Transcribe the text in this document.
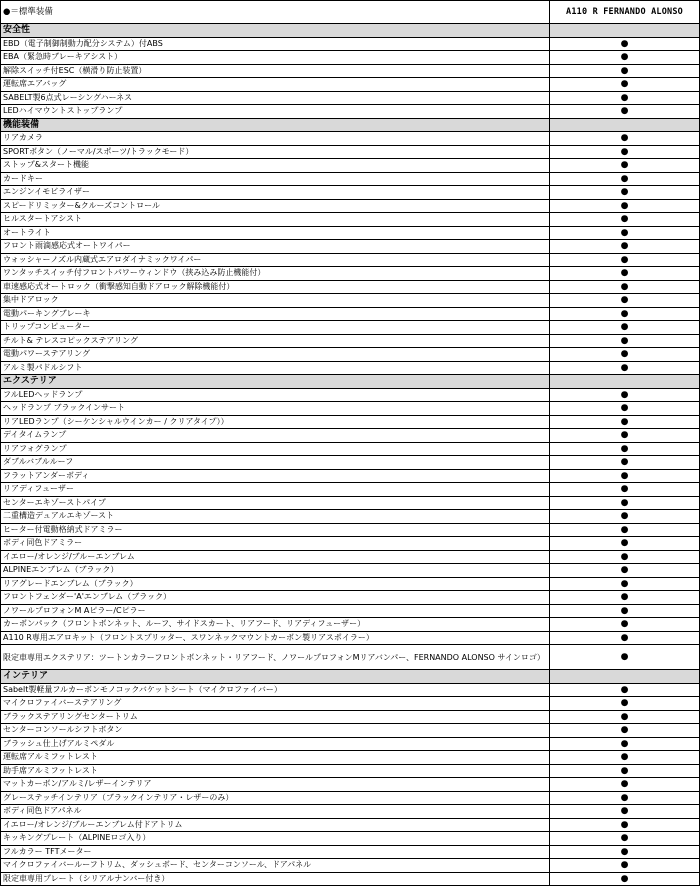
●＝標準装備	A110 R FERNANDO ALONSO
安全性	
EBD（電子制御制動力配分システム）付ABS	●
EBA（緊急時ブレーキアシスト）	●
解除スイッチ付ESC（横滑り防止装置）	●
運転席エアバッグ	●
SABELT製6点式レーシングハーネス	●
LEDハイマウントストップランプ	●
機能装備	
リアカメラ	●
SPORTボタン（ノーマル/スポーツ/トラックモード）	●
ストップ&スタート機能	●
カードキー	●
エンジンイモビライザー	●
スピードリミッター&クルーズコントロール	●
ヒルスタートアシスト	●
オートライト	●
フロント雨滴感応式オートワイパー	●
ウォッシャーノズル内蔵式エアロダイナミックワイパー	●
ワンタッチスイッチ付フロントパワーウィンドウ（挟み込み防止機能付）	●
車速感応式オートロック（衝撃感知自動ドアロック解除機能付）	●
集中ドアロック	●
電動パーキングブレーキ	●
トリップコンピューター	●
チルト& テレスコピックステアリング	●
電動パワーステアリング	●
アルミ製パドルシフト	●
エクステリア	
フルLEDヘッドランプ	●
ヘッドランプ ブラックインサート	●
リアLEDランプ（シーケンシャルウインカー / クリアタイプ））	●
デイタイムランプ	●
リアフォグランプ	●
ダブルバブルルーフ	●
フラットアンダーボディ	●
リアディフューザー	●
センターエキゾーストパイプ	●
二重構造デュアルエキゾースト	●
ヒーター付電動格納式ドアミラー	●
ボディ同色ドアミラー	●
イエロー/オレンジ/ブルーエンブレム	●
ALPINEエンブレム（ブラック）	●
リアグレードエンブレム（ブラック）	●
フロントフェンダー'A'エンブレム（ブラック）	●
ノワールプロフォンM Aピラー/Cピラー	●
カーボンパック（フロントボンネット、ルーフ、サイドスカート、リアフード、リアディフューザー）	●
A110 R専用エアロキット（フロントスプリッター、スワンネックマウントカーボン製リアスポイラー）	●
限定車専用エクステリア：ツートンカラーフロントボンネット・リアフード、ノワールプロフォンMリアバンパー、FERNANDO ALONSO サインロゴ）	●
インテリア	
Sabelt製軽量フルカーボンモノコックバケットシート（マイクロファイバー）	●
マイクロファイバーステアリング	●
ブラックステアリングセンタートリム	●
センターコンソールシフトボタン	●
ブラッシュ仕上げアルミペダル	●
運転席アルミフットレスト	●
助手席アルミフットレスト	●
マットカーボン/アルミ/レザーインテリア	●
グレーステッチインテリア（ブラックインテリア・レザーのみ）	●
ボディ同色ドアパネル	●
イエロー/オレンジ/ブルーエンブレム付ドアトリム	●
キッキングプレート（ALPINEロゴ入り）	●
フルカラー TFTメーター	●
マイクロファイバールーフトリム、ダッシュボード、センターコンソール、ドアパネル	●
限定車専用プレート（シリアルナンバー付き）	●
